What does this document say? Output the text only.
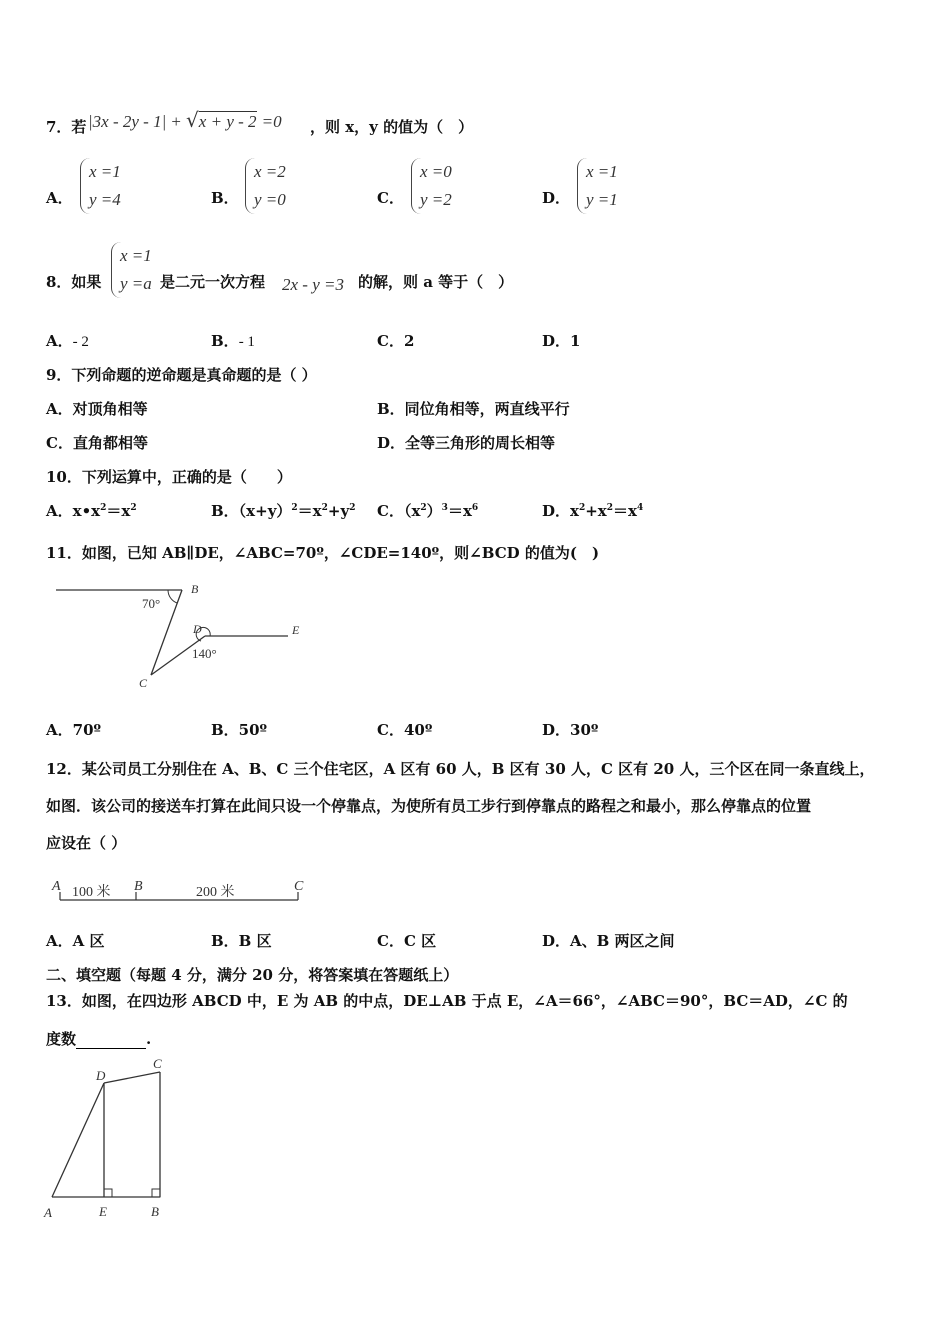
7．若 |3x - 2y - 1| + √x + y - 2 =0 ，则 x，y 的值为（　）
A．
x =1
y =4	B．
x =2
y =0	C．
x =0
y =2	D．
x =1
y =1
8．如果
x =1
y =a 是二元一次方程 2x - y =3 的解，则 a 等于（　）
A．- 2	B．- 1	C．2	D．1
9．下列命题的逆命题是真命题的是（ ）
A．对顶角相等	B．同位角相等，两直线平行
C．直角都相等	D．全等三角形的周长相等
10．下列运算中，正确的是（　　）
A．$x•x^2=x^2$	B．$(x+y)^2=x^2+y^2$ C．$(x^2)^3=x^6$	D．$x^2+x^2=x^4$
11．如图，已知 AB∥DE，∠ABC=70º，∠CDE=140º，则∠BCD 的值为(　)
B
D	E
C
70°
140°
A．70º	B．50º	C．40º	D．30º
12．某公司员工分别住在 A、B、C 三个住宅区，A 区有 60 人，B 区有 30 人，C 区有 20 人，三个区在同一条直线上，
如图．该公司的接送车打算在此间只设一个停靠点，为使所有员工步行到停靠点的路程之和最小，那么停靠点的位置
应设在（ ）
A	B	C
100 米	200 米
A．A 区	B．B 区	C．C 区	D．A、B 两区之间
二、填空题（每题 4 分，满分 20 分，将答案填在答题纸上）
13．如图，在四边形 ABCD 中，E 为 AB 的中点，DE⊥AB 于点 E，∠A＝66°，∠ABC＝90°，BC＝AD，∠C 的
度数	.
A	E	B
D
C
